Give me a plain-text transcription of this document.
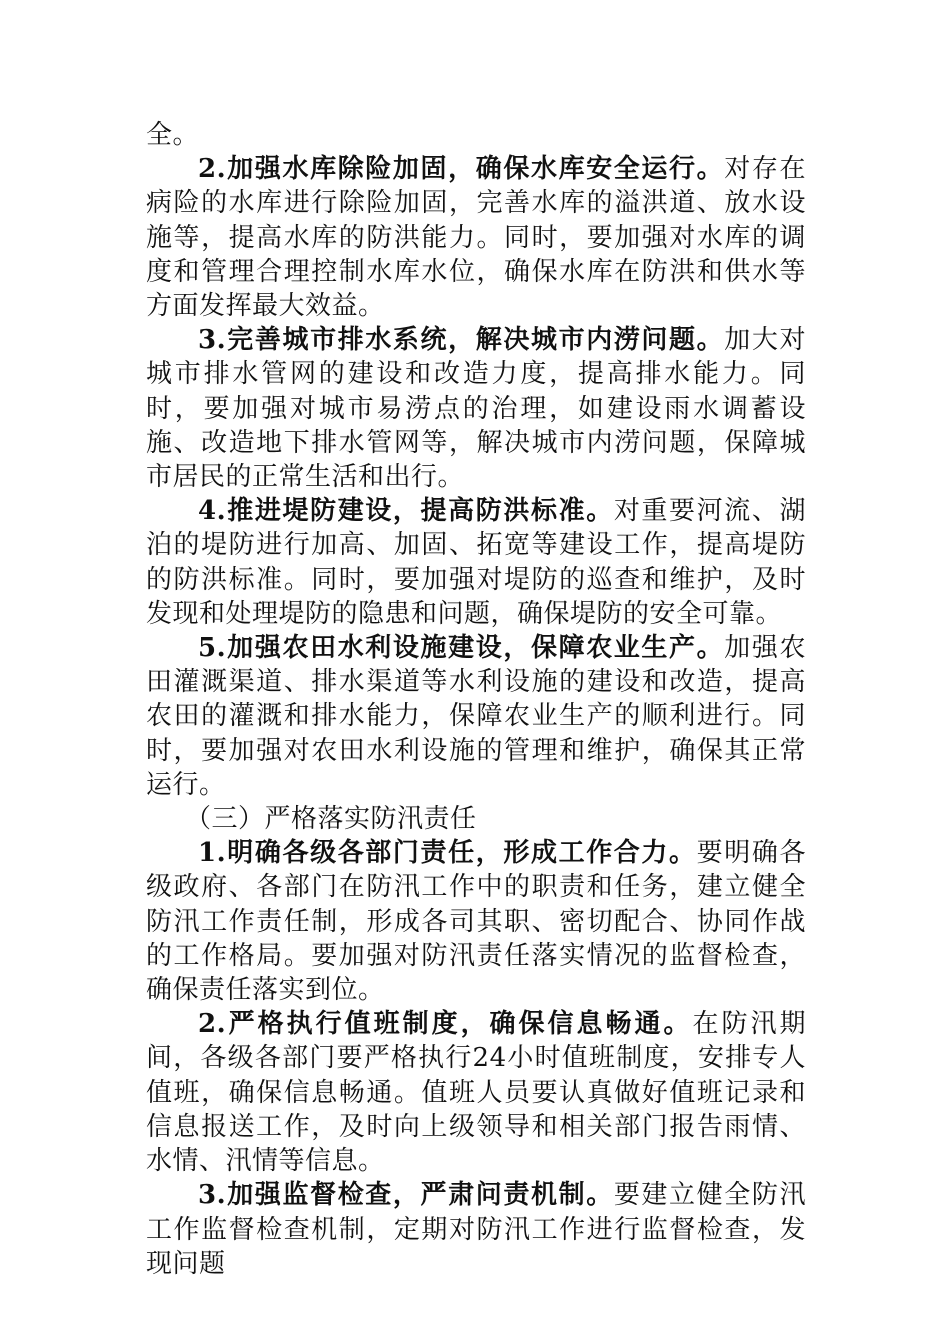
全。

2.加强水库除险加固，确保水库安全运行。对存在病险的水库进行除险加固，完善水库的溢洪道、放水设施等，提高水库的防洪能力。同时，要加强对水库的调度和管理合理控制水库水位，确保水库在防洪和供水等方面发挥最大效益。

3.完善城市排水系统，解决城市内涝问题。加大对城市排水管网的建设和改造力度，提高排水能力。同时，要加强对城市易涝点的治理，如建设雨水调蓄设施、改造地下排水管网等，解决城市内涝问题，保障城市居民的正常生活和出行。

4.推进堤防建设，提高防洪标准。对重要河流、湖泊的堤防进行加高、加固、拓宽等建设工作，提高堤防的防洪标准。同时，要加强对堤防的巡查和维护，及时发现和处理堤防的隐患和问题，确保堤防的安全可靠。

5.加强农田水利设施建设，保障农业生产。加强农田灌溉渠道、排水渠道等水利设施的建设和改造，提高农田的灌溉和排水能力，保障农业生产的顺利进行。同时，要加强对农田水利设施的管理和维护，确保其正常运行。

（三）严格落实防汛责任

1.明确各级各部门责任，形成工作合力。要明确各级政府、各部门在防汛工作中的职责和任务，建立健全防汛工作责任制，形成各司其职、密切配合、协同作战的工作格局。要加强对防汛责任落实情况的监督检查，确保责任落实到位。

2.严格执行值班制度，确保信息畅通。在防汛期间，各级各部门要严格执行24小时值班制度，安排专人值班，确保信息畅通。值班人员要认真做好值班记录和信息报送工作，及时向上级领导和相关部门报告雨情、水情、汛情等信息。

3.加强监督检查，严肃问责机制。要建立健全防汛工作监督检查机制，定期对防汛工作进行监督检查，发现问题
